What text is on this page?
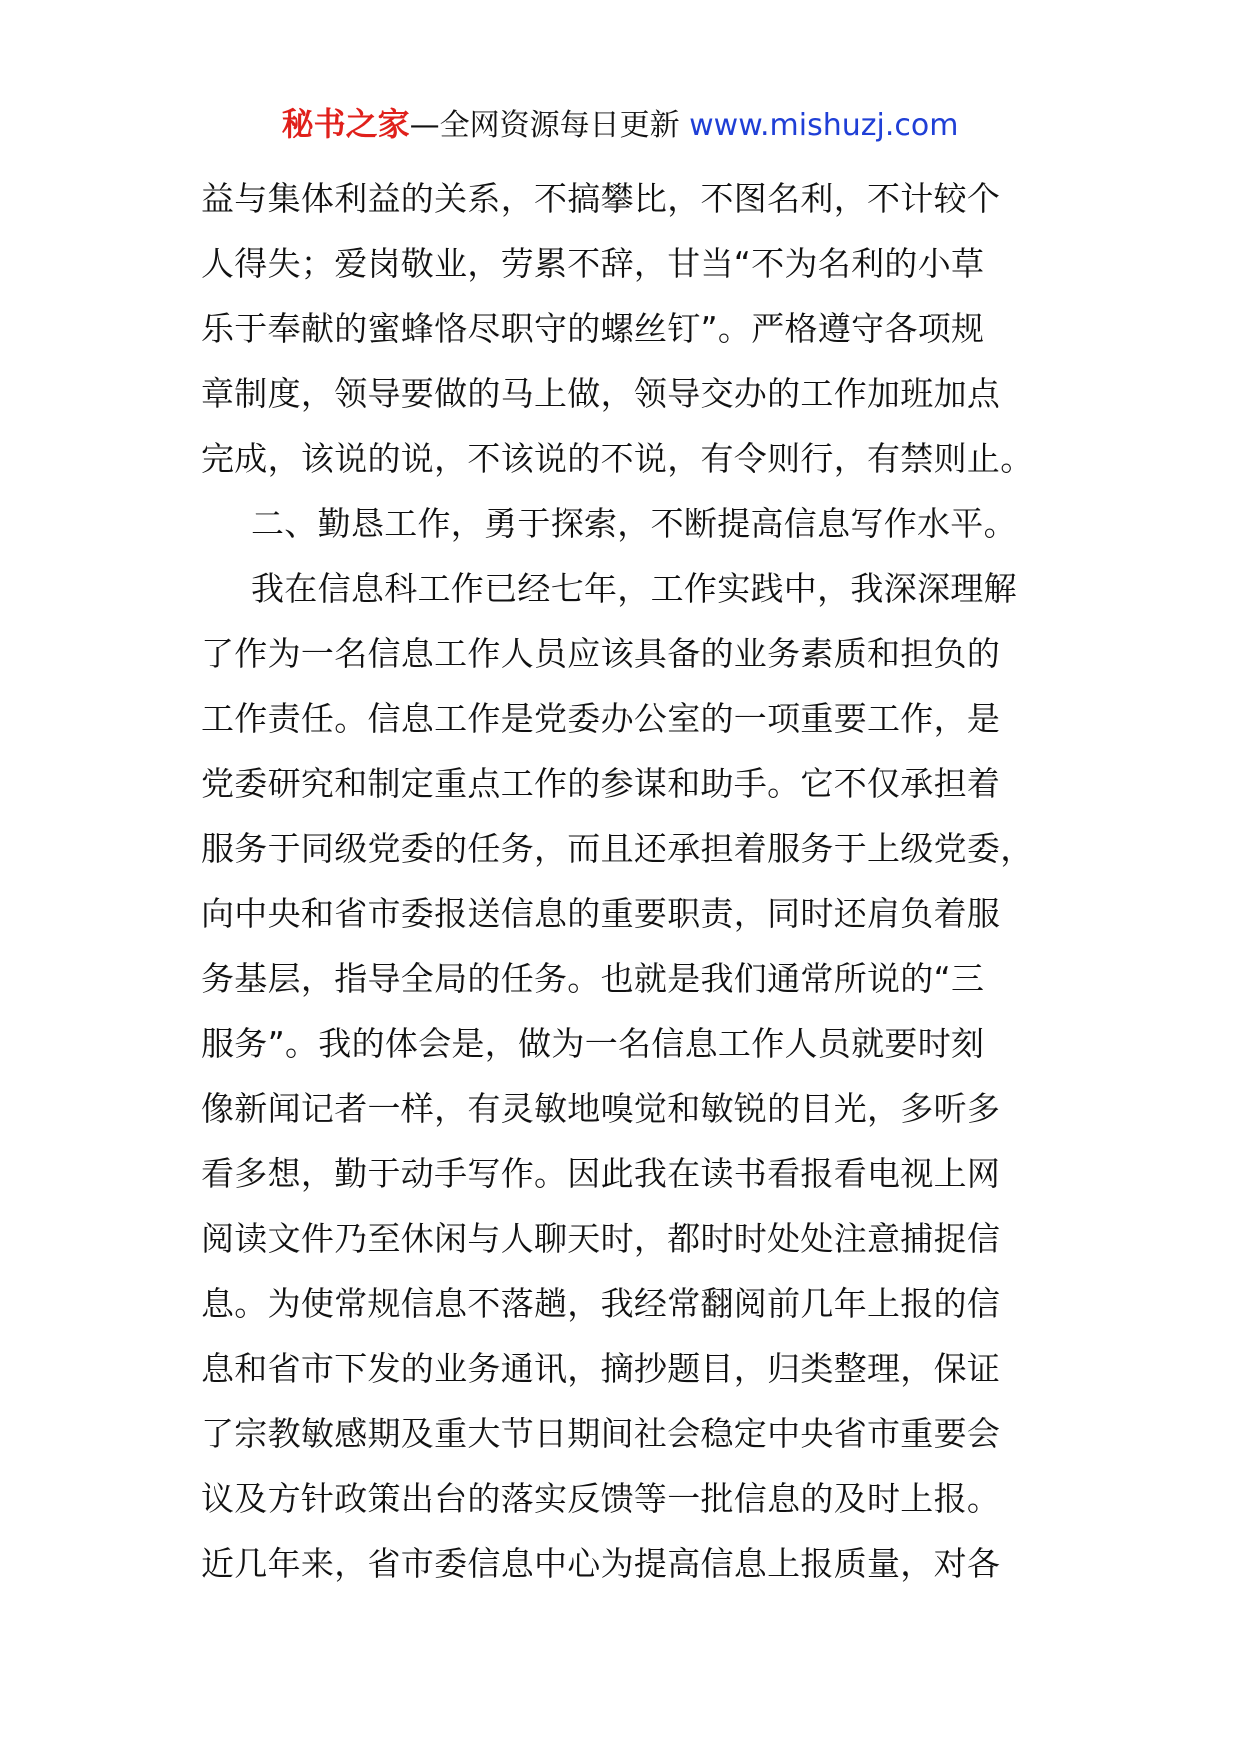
秘书之家—全网资源每日更新 www.mishuzj.com
益与集体利益的关系，不搞攀比，不图名利，不计较个
人得失；爱岗敬业，劳累不辞，甘当“不为名利的小草
乐于奉献的蜜蜂恪尽职守的螺丝钉”。严格遵守各项规
章制度，领导要做的马上做，领导交办的工作加班加点
完成，该说的说，不该说的不说，有令则行，有禁则止。
二、勤恳工作，勇于探索，不断提高信息写作水平。
我在信息科工作已经七年，工作实践中，我深深理解
了作为一名信息工作人员应该具备的业务素质和担负的
工作责任。信息工作是党委办公室的一项重要工作，是
党委研究和制定重点工作的参谋和助手。它不仅承担着
服务于同级党委的任务，而且还承担着服务于上级党委，
向中央和省市委报送信息的重要职责，同时还肩负着服
务基层，指导全局的任务。也就是我们通常所说的“三
服务”。我的体会是，做为一名信息工作人员就要时刻
像新闻记者一样，有灵敏地嗅觉和敏锐的目光，多听多
看多想，勤于动手写作。因此我在读书看报看电视上网
阅读文件乃至休闲与人聊天时，都时时处处注意捕捉信
息。为使常规信息不落趟，我经常翻阅前几年上报的信
息和省市下发的业务通讯，摘抄题目，归类整理，保证
了宗教敏感期及重大节日期间社会稳定中央省市重要会
议及方针政策出台的落实反馈等一批信息的及时上报。
近几年来，省市委信息中心为提高信息上报质量，对各
